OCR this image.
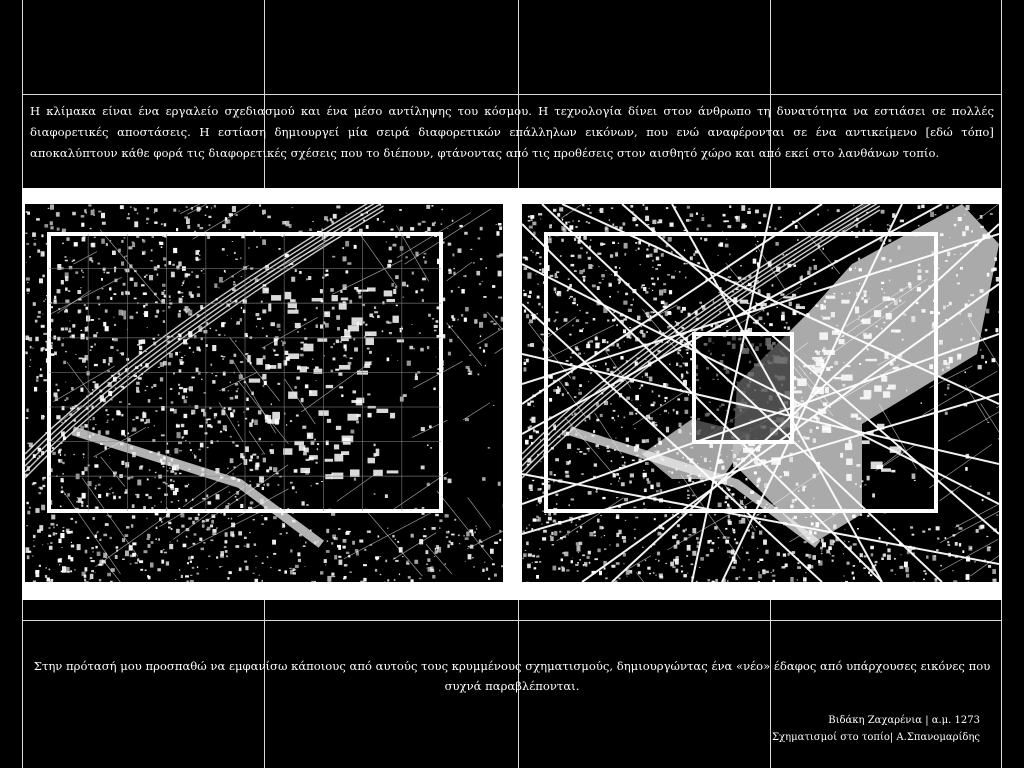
Η κλίμακα είναι ένα εργαλείο σχεδιασμού και ένα μέσο αντίληψης του κόσμου. Η τεχνολογία δίνει στον άνθρωπο τη δυνατότητα να εστιάσει σε πολλές διαφορετικές αποστάσεις. Η εστίαση δημιουργεί μία σειρά διαφορετικών επάλληλων εικόνων, που ενώ αναφέρονται σε ένα αντικείμενο [εδώ τόπο] αποκαλύπτουν κάθε φορά τις διαφορετικές σχέσεις που το διέπουν, φτάνοντας από τις προθέσεις στον αισθητό χώρο και από εκεί στο λανθάνων τοπίο.

Στην πρότασή μου προσπαθώ να εμφανίσω κάποιους από αυτούς τους κρυμμένους σχηματισμούς, δημιουργώντας ένα «νέο» έδαφος από υπάρχουσες εικόνες που συχνά παραβλέπονται.

Βιδάκη Ζαχαρένια | α.μ. 1273
Σχηματισμοί στο τοπίο| Α.Σπανομαρίδης
